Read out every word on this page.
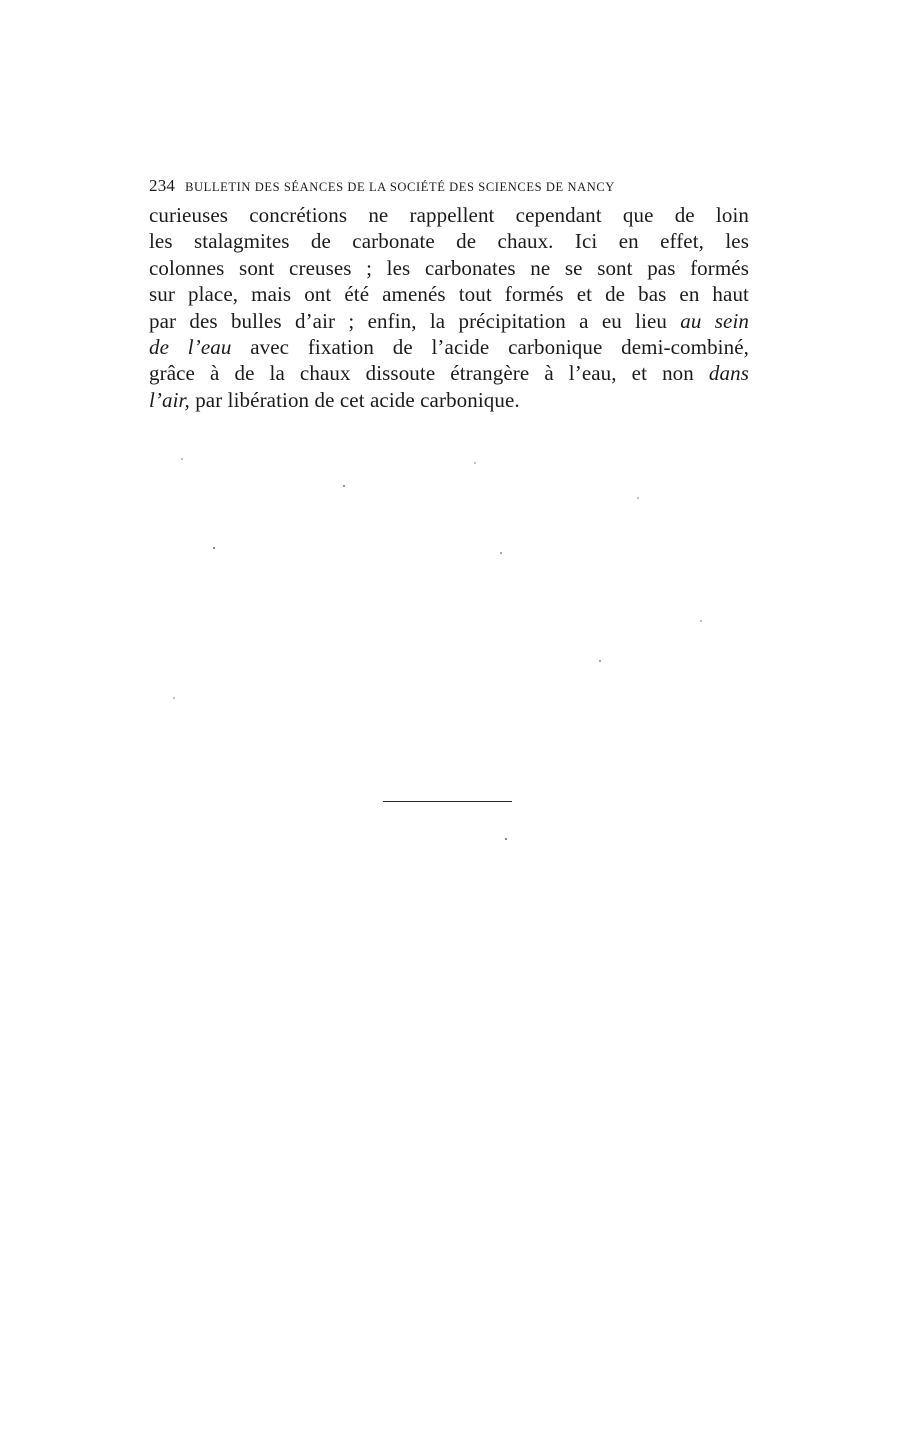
234 BULLETIN DES SÉANCES DE LA SOCIÉTÉ DES SCIENCES DE NANCY

curieuses concrétions ne rappellent cependant que de loin
les stalagmites de carbonate de chaux. Ici en effet, les
colonnes sont creuses ; les carbonates ne se sont pas formés
sur place, mais ont été amenés tout formés et de bas en haut
par des bulles d’air ; enfin, la précipitation a eu lieu au sein
de l’eau avec fixation de l’acide carbonique demi-combiné,
grâce à de la chaux dissoute étrangère à l’eau, et non dans
l’air, par libération de cet acide carbonique.
